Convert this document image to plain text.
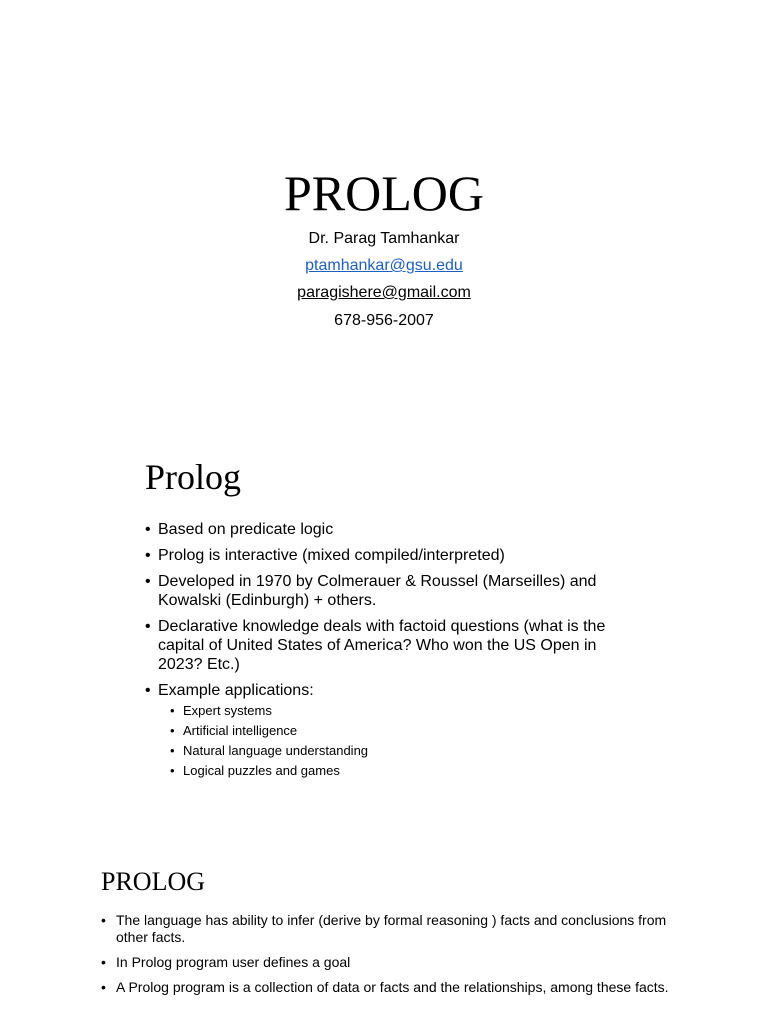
PROLOG

Dr. Parag Tamhankar

ptamhankar@gsu.edu

paragishere@gmail.com

678-956-2007

Prolog
• Based on predicate logic
• Prolog is interactive (mixed compiled/interpreted)
• Developed in 1970 by Colmerauer & Roussel (Marseilles) and Kowalski (Edinburgh) + others.
• Declarative knowledge deals with factoid questions (what is the capital of United States of America? Who won the US Open in 2023? Etc.)
• Example applications:
• Expert systems
• Artificial intelligence
• Natural language understanding
• Logical puzzles and games
PROLOG
• The language has ability to infer (derive by formal reasoning ) facts and conclusions from other facts.
• In Prolog program user defines a goal
• A Prolog program is a collection of data or facts and the relationships, among these facts.
